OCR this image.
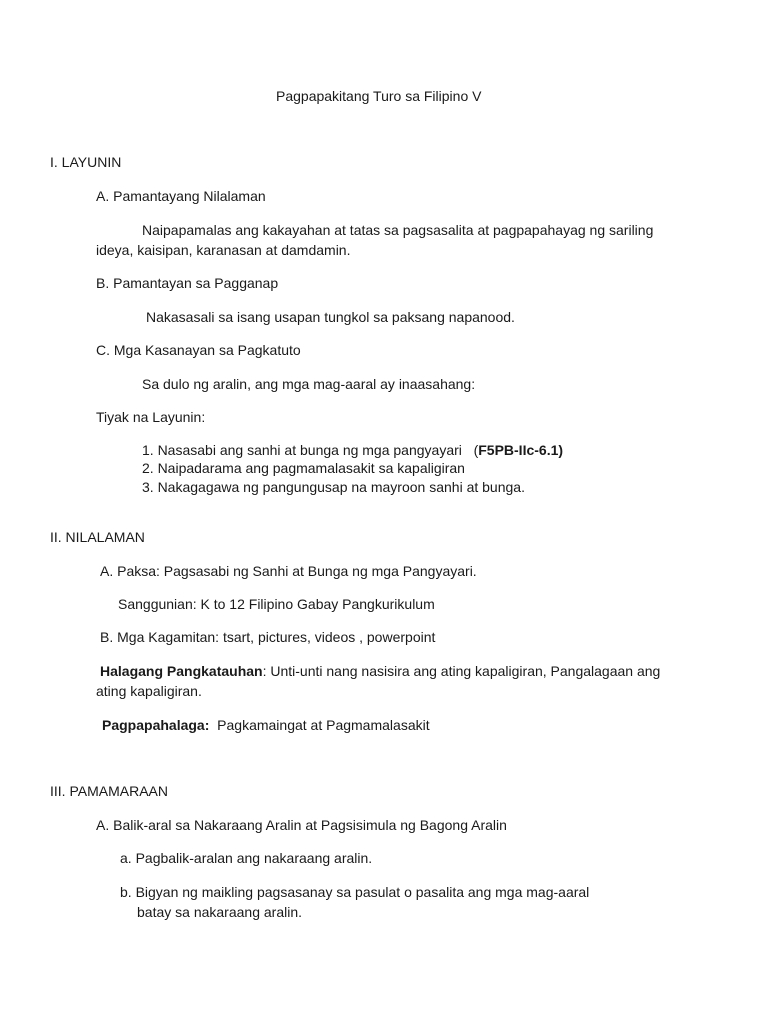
Pagpapakitang Turo sa Filipino V
I. LAYUNIN
A. Pamantayang Nilalaman
Naipapamalas ang kakayahan at tatas sa pagsasalita at pagpapahayag ng sariling
ideya, kaisipan, karanasan at damdamin.
B. Pamantayan sa Pagganap
Nakasasali sa isang usapan tungkol sa paksang napanood.
C. Mga Kasanayan sa Pagkatuto
Sa dulo ng aralin, ang mga mag-aaral ay inaasahang:
Tiyak na Layunin:
1. Nasasabi ang sanhi at bunga ng mga pangyayari (F5PB-IIc-6.1)
2. Naipadarama ang pagmamalasakit sa kapaligiran
3. Nakagagawa ng pangungusap na mayroon sanhi at bunga.
II. NILALAMAN
A. Paksa: Pagsasabi ng Sanhi at Bunga ng mga Pangyayari.
Sanggunian: K to 12 Filipino Gabay Pangkurikulum
B. Mga Kagamitan: tsart, pictures, videos , powerpoint
Halagang Pangkatauhan: Unti-unti nang nasisira ang ating kapaligiran, Pangalagaan ang
ating kapaligiran.
Pagpapahalaga: Pagkamaingat at Pagmamalasakit
III. PAMAMARAAN
A. Balik-aral sa Nakaraang Aralin at Pagsisimula ng Bagong Aralin
a. Pagbalik-aralan ang nakaraang aralin.
b. Bigyan ng maikling pagsasanay sa pasulat o pasalita ang mga mag-aaral
batay sa nakaraang aralin.
